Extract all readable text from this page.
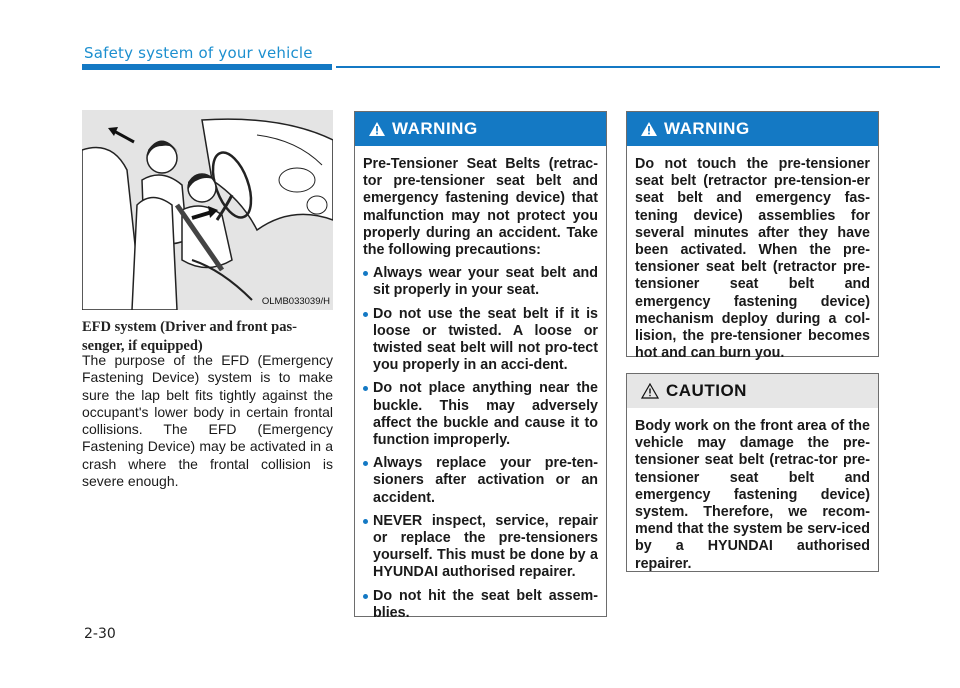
Safety system of your vehicle
OLMB033039/H
EFD system (Driver and front pas-senger, if equipped)
The purpose of the EFD (Emergency Fastening Device) system is to make sure the lap belt fits tightly against the occupant's lower body in certain frontal collisions. The EFD (Emergency Fastening Device) may be activated in a crash where the frontal collision is severe enough.
WARNING

Pre-Tensioner Seat Belts (retrac-tor pre-tensioner seat belt and emergency fastening device) that malfunction may not protect you properly during an accident. Take the following precautions:

Always wear your seat belt and sit properly in your seat.
Do not use the seat belt if it is loose or twisted. A loose or twisted seat belt will not pro-tect you properly in an acci-dent.
Do not place anything near the buckle. This may adversely affect the buckle and cause it to function improperly.
Always replace your pre-ten-sioners after activation or an accident.
NEVER inspect, service, repair or replace the pre-tensioners yourself. This must be done by a HYUNDAI authorised repairer.
Do not hit the seat belt assem-blies.
WARNING

Do not touch the pre-tensioner seat belt (retractor pre-tension-er seat belt and emergency fas-tening device) assemblies for several minutes after they have been activated. When the pre-tensioner seat belt (retractor pre-tensioner seat belt and emergency fastening device) mechanism deploy during a col-lision, the pre-tensioner becomes hot and can burn you.

CAUTION

Body work on the front area of the vehicle may damage the pre-tensioner seat belt (retrac-tor pre-tensioner seat belt and emergency fastening device) system. Therefore, we recom-mend that the system be serv-iced by a HYUNDAI authorised repairer.

2-30
